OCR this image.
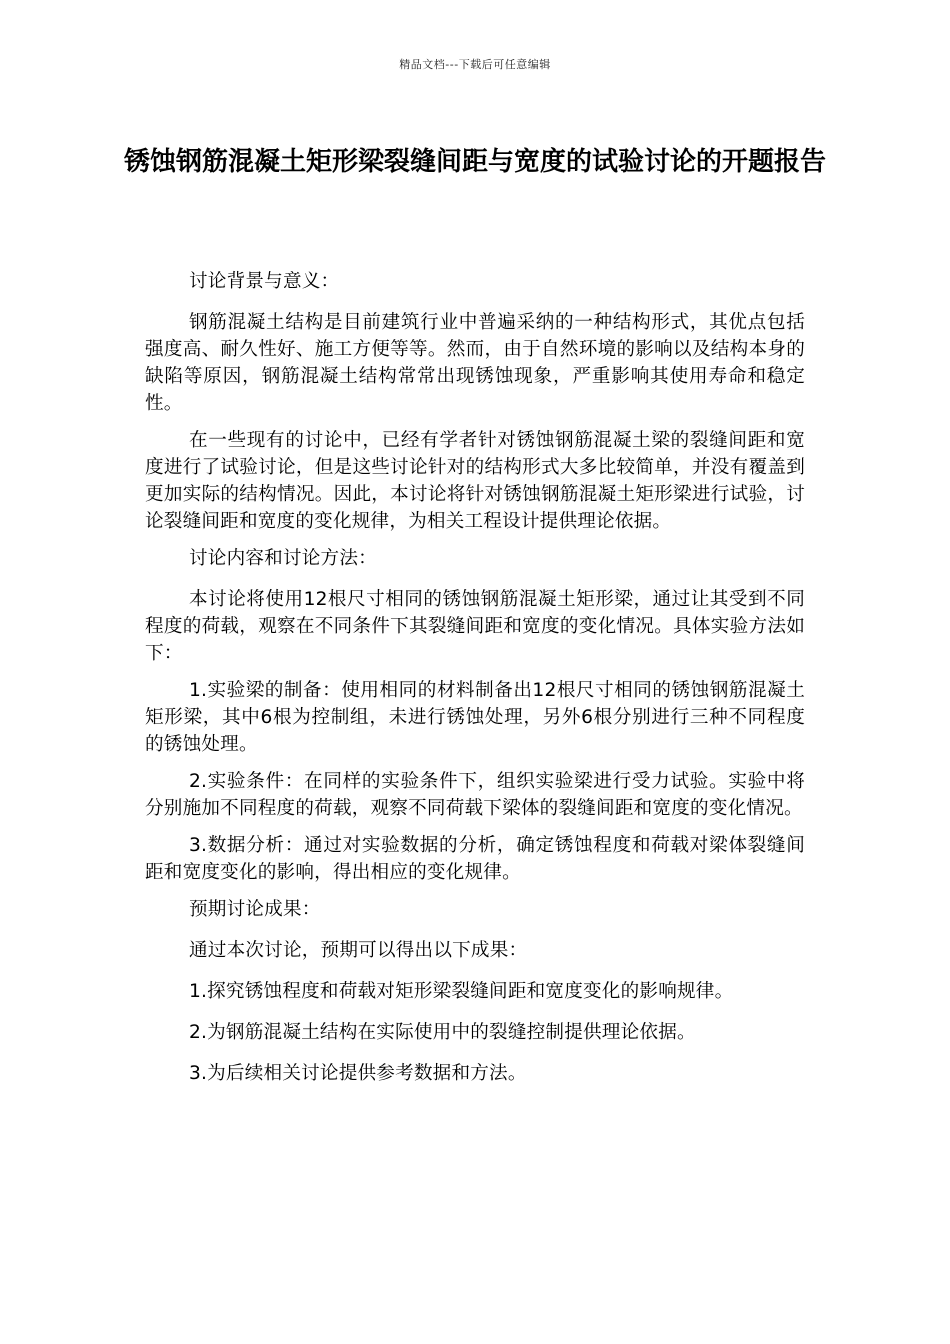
精品文档---下载后可任意编辑
锈蚀钢筋混凝土矩形梁裂缝间距与宽度的试验讨论的开题报告

讨论背景与意义：

钢筋混凝土结构是目前建筑行业中普遍采纳的一种结构形式，其优点包括强度高、耐久性好、施工方便等等。然而，由于自然环境的影响以及结构本身的缺陷等原因，钢筋混凝土结构常常出现锈蚀现象，严重影响其使用寿命和稳定性。

在一些现有的讨论中，已经有学者针对锈蚀钢筋混凝土梁的裂缝间距和宽度进行了试验讨论，但是这些讨论针对的结构形式大多比较简单，并没有覆盖到更加实际的结构情况。因此，本讨论将针对锈蚀钢筋混凝土矩形梁进行试验，讨论裂缝间距和宽度的变化规律，为相关工程设计提供理论依据。

讨论内容和讨论方法：

本讨论将使用12根尺寸相同的锈蚀钢筋混凝土矩形梁，通过让其受到不同程度的荷载，观察在不同条件下其裂缝间距和宽度的变化情况。具体实验方法如下：

1.实验梁的制备：使用相同的材料制备出12根尺寸相同的锈蚀钢筋混凝土矩形梁，其中6根为控制组，未进行锈蚀处理，另外6根分别进行三种不同程度的锈蚀处理。

2.实验条件：在同样的实验条件下，组织实验梁进行受力试验。实验中将分别施加不同程度的荷载，观察不同荷载下梁体的裂缝间距和宽度的变化情况。

3.数据分析：通过对实验数据的分析，确定锈蚀程度和荷载对梁体裂缝间距和宽度变化的影响，得出相应的变化规律。

预期讨论成果：

通过本次讨论，预期可以得出以下成果：

1.探究锈蚀程度和荷载对矩形梁裂缝间距和宽度变化的影响规律。

2.为钢筋混凝土结构在实际使用中的裂缝控制提供理论依据。

3.为后续相关讨论提供参考数据和方法。
